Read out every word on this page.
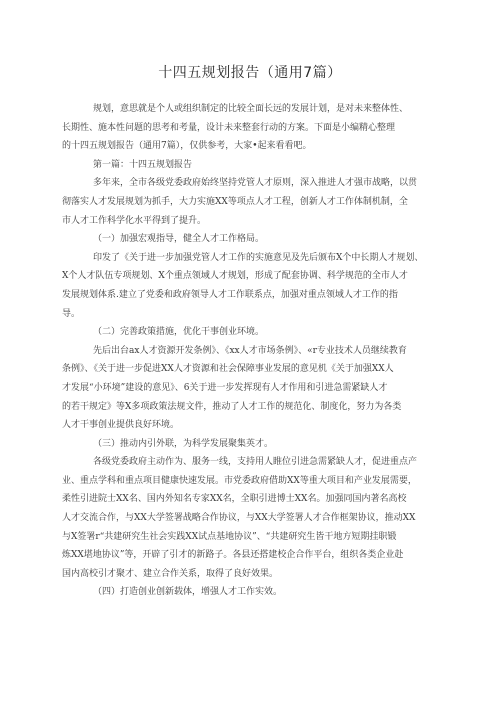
十四五规划报告（通用7篇）
规划，意思就是个人或组织制定的比较全面长远的发展计划，是对未来整体性、
长期性、施本性问题的思考和考量，设计未来整套行动的方案。下面是小编精心整理
的十四五规划报告（通用7篇），仅供参考，大家•起来看看吧。
第一篇：十四五规划报告
多年来，全市各级党委政府始终坚持党管人才原则，深入推进人才强市战略，以贯
彻落实人才发展规划为抓手，大力实施XX等项点人才工程，创新人才工作体制机制，全
市人才工作科学化水平得到了提升。
（一）加强宏观指导，健全人才工作格局。
印发了《关于进一步加强党管人才工作的实施意见及先后颁布X个中长期人才规划、
X个人才队伍专项规划、X个重点领域人才规划，形成了配套协调、科学规范的全市人才
发展规划体系.建立了党委和政府领导人才工作联系点，加强对重点领域人才工作的指
导。
（二）完善政策措施，优化干事创业环境。
先后出台ax人才资源开发条例》、《xx人才市场条例》、«r专业技术人员继续教育
条例》、《关于进一步促进XX人才资源和社会保障事业发展的意见机《关于加强XX人
才发展“小环境”建设的意见》、6关于进一步发挥现有人才作用和引进急需紧缺人才
的若干规定》等X多项政策法规文件，推动了人才工作的规范化、制度化，努力为各类
人才干事创业提供良好环境。
（三）推动内引外联，为科学发展聚集英才。
各级党委政府主动作为、服务一线，支持用人睢位引进急需紧缺人才，促进重点产
业、重点学科和重点项目健康快速发展。市党委政府借助XX等重大项目和产业发展需要，
柔性引进院士XX名、国内外知名专家XX名，全职引进博士XX名。加强同国内著名高校
人才交流合作，与XX大学签署战略合作协议，与XX大学签署人才合作框架协议，推动XX
与X签署r“共建研究生社会实践XX试点基地协议”、“共建研究生皆干地方短期挂职锻
炼XX堪地协议”等，开辟了引才的新路子。各县还搭建校企合作平台，组织各类企业赴
国内高校引才聚才、建立合作关系，取得了良好效果。
（四）打造创业创新载体，增强人才工作实效。
